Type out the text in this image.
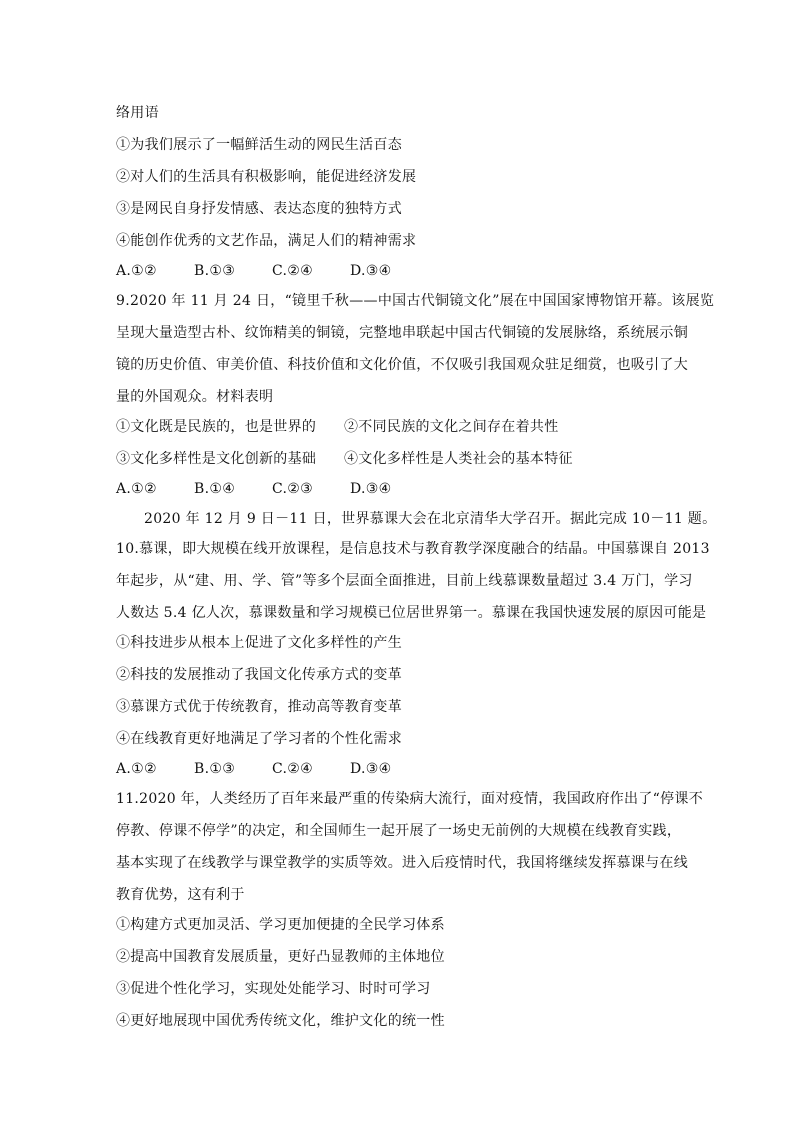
络用语
①为我们展示了一幅鲜活生动的网民生活百态
②对人们的生活具有积极影响，能促进经济发展
③是网民自身抒发情感、表达态度的独特方式
④能创作优秀的文艺作品，满足人们的精神需求
A.①②	B.①③	C.②④	D.③④
9.2020 年 11 月 24 日，“镜里千秋——中国古代铜镜文化”展在中国国家博物馆开幕。该展览
呈现大量造型古朴、纹饰精美的铜镜，完整地串联起中国古代铜镜的发展脉络，系统展示铜
镜的历史价值、审美价值、科技价值和文化价值，不仅吸引我国观众驻足细赏，也吸引了大
量的外国观众。材料表明
①文化既是民族的，也是世界的 ②不同民族的文化之间存在着共性
③文化多样性是文化创新的基础 ④文化多样性是人类社会的基本特征
A.①②	B.①④	C.②③	D.③④
2020 年 12 月 9 日－11 日，世界慕课大会在北京清华大学召开。据此完成 10－11 题。
10.慕课，即大规模在线开放课程，是信息技术与教育教学深度融合的结晶。中国慕课自 2013
年起步，从“建、用、学、管”等多个层面全面推进，目前上线慕课数量超过 3.4 万门，学习
人数达 5.4 亿人次，慕课数量和学习规模已位居世界第一。慕课在我国快速发展的原因可能是
①科技进步从根本上促进了文化多样性的产生
②科技的发展推动了我国文化传承方式的变革
③慕课方式优于传统教育，推动高等教育变革
④在线教育更好地满足了学习者的个性化需求
A.①②	B.①③	C.②④	D.③④
11.2020 年，人类经历了百年来最严重的传染病大流行，面对疫情，我国政府作出了“停课不
停教、停课不停学”的决定，和全国师生一起开展了一场史无前例的大规模在线教育实践，
基本实现了在线教学与课堂教学的实质等效。进入后疫情时代，我国将继续发挥慕课与在线
教育优势，这有利于
①构建方式更加灵活、学习更加便捷的全民学习体系
②提高中国教育发展质量，更好凸显教师的主体地位
③促进个性化学习，实现处处能学习、时时可学习
④更好地展现中国优秀传统文化，维护文化的统一性
